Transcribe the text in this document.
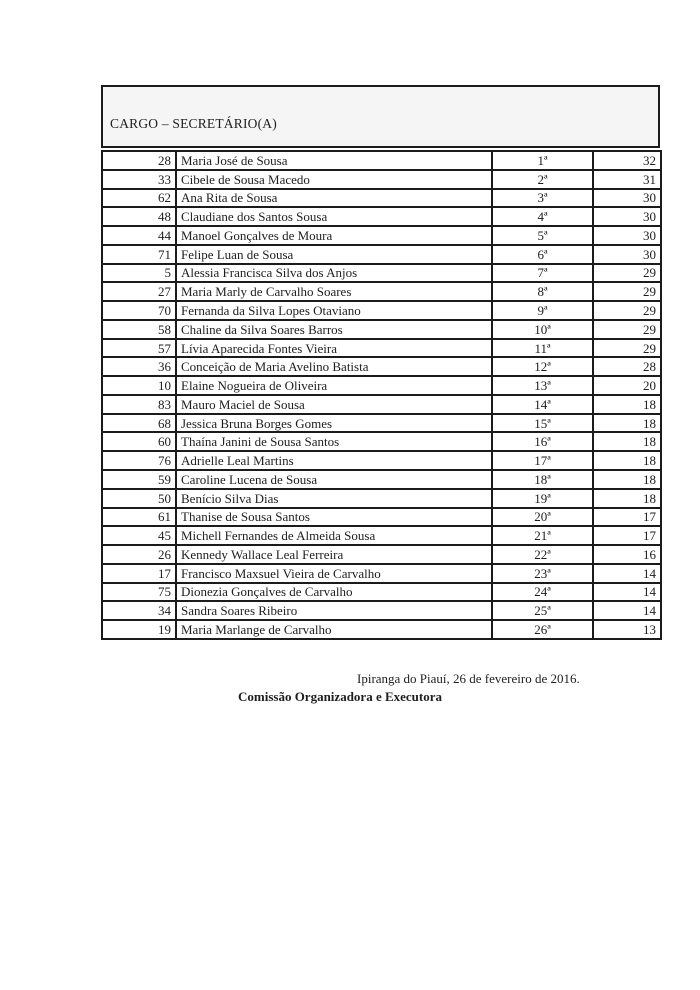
CARGO – SECRETÁRIO(A)
28	Maria José de Sousa	1ª	32
33	Cibele de Sousa Macedo	2ª	31
62	Ana Rita de Sousa	3ª	30
48	Claudiane dos Santos Sousa	4ª	30
44	Manoel Gonçalves de Moura	5ª	30
71	Felipe Luan de Sousa	6ª	30
5	Alessia Francisca Silva dos Anjos	7ª	29
27	Maria Marly de Carvalho Soares	8ª	29
70	Fernanda da Silva Lopes Otaviano	9ª	29
58	Chaline da Silva Soares Barros	10ª	29
57	Lívia Aparecida Fontes Vieira	11ª	29
36	Conceição de Maria Avelino Batista	12ª	28
10	Elaine Nogueira de Oliveira	13ª	20
83	Mauro Maciel de Sousa	14ª	18
68	Jessica Bruna Borges Gomes	15ª	18
60	Thaína Janini de Sousa Santos	16ª	18
76	Adrielle Leal Martins	17ª	18
59	Caroline Lucena de Sousa	18ª	18
50	Benício Silva Dias	19ª	18
61	Thanise de Sousa Santos	20ª	17
45	Michell Fernandes de Almeida Sousa	21ª	17
26	Kennedy Wallace Leal Ferreira	22ª	16
17	Francisco Maxsuel Vieira de Carvalho	23ª	14
75	Dionezia Gonçalves de Carvalho	24ª	14
34	Sandra Soares Ribeiro	25ª	14
19	Maria Marlange de Carvalho	26ª	13
Ipiranga do Piauí, 26 de fevereiro de 2016.
Comissão Organizadora e Executora
